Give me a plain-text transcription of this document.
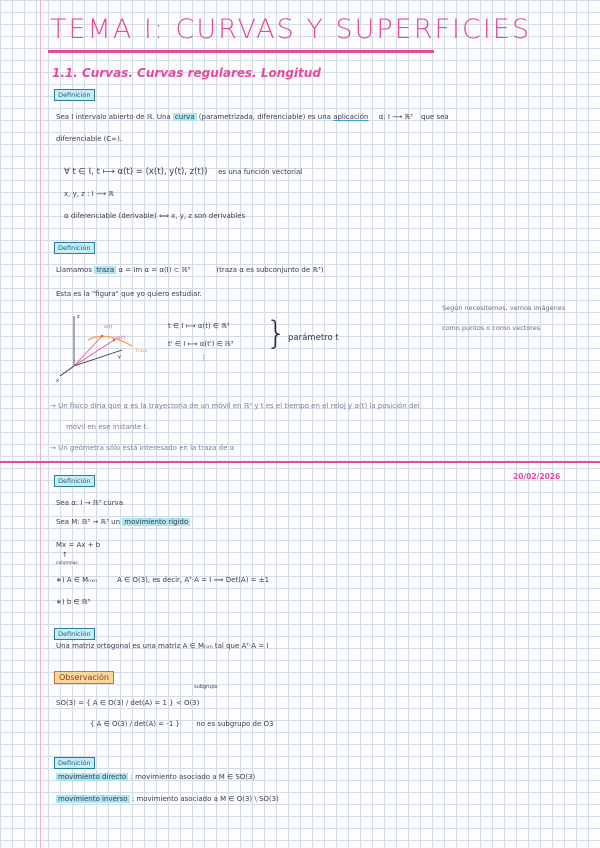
TEMA I: CURVAS Y SUPERFICIES
1.1. Curvas. Curvas regulares. Longitud
Definición
Sea I intervalo abierto de ℝ. Una curva (parametrizada, diferenciable) es una aplicación α: I ⟶ ℝ³ que sea
diferenciable (C∞).
∀ t ∈ I, t ⟼ α(t) = (x(t), y(t), z(t)) es una función vectorial
x, y, z : I ⟶ ℝ
α diferenciable (derivable) ⟺ x, y, z son derivables
Definición
Llamamos traza α = Im α = α(I) ⊂ ℝ³	(traza α es subconjunto de ℝ³)
Esta es la "figura" que yo quiero estudiar.
Según necesitemos, vemos imágenes
como puntos o como vectores
z
y
x
α(t)
α(t')
traza
t ∈ I ⟼ α(t) ∈ ℝ³
t' ∈ I ⟼ α(t') ∈ ℝ³
⋮
} parámetro t
→ Un físico diría que α es la trayectoria de un móvil en ℝ³ y t es el tiempo en el reloj y α(t) la posición del
móvil en ese instante t.
→ Un geómetra sólo está interesado en la traza de α
20/02/2026
Definición
Sea α: I → ℝ³ curva
Sea M: ℝ³ → ℝ³ un movimiento rígido
Mx = Ax + b
↑
columnas
∗) A ∈ Mₙₓₙ	A ∈ O(3), es decir, Aᵀ·A = I ⟹ Det(A) = ±1
∗) b ∈ ℝ³
Definición
Una matriz ortogonal es una matriz A ∈ Mₙₓₙ tal que Aᵀ·A = I
Observación
subgrupo
SO(3) = { A ∈ O(3) / det(A) = 1 } < O(3)
{ A ∈ O(3) / det(A) = -1 } no es subgrupo de O3
Definición
movimiento directo : movimiento asociado a M ∈ SO(3)
movimiento inverso : movimiento asociado a M ∈ O(3) \ SO(3)
